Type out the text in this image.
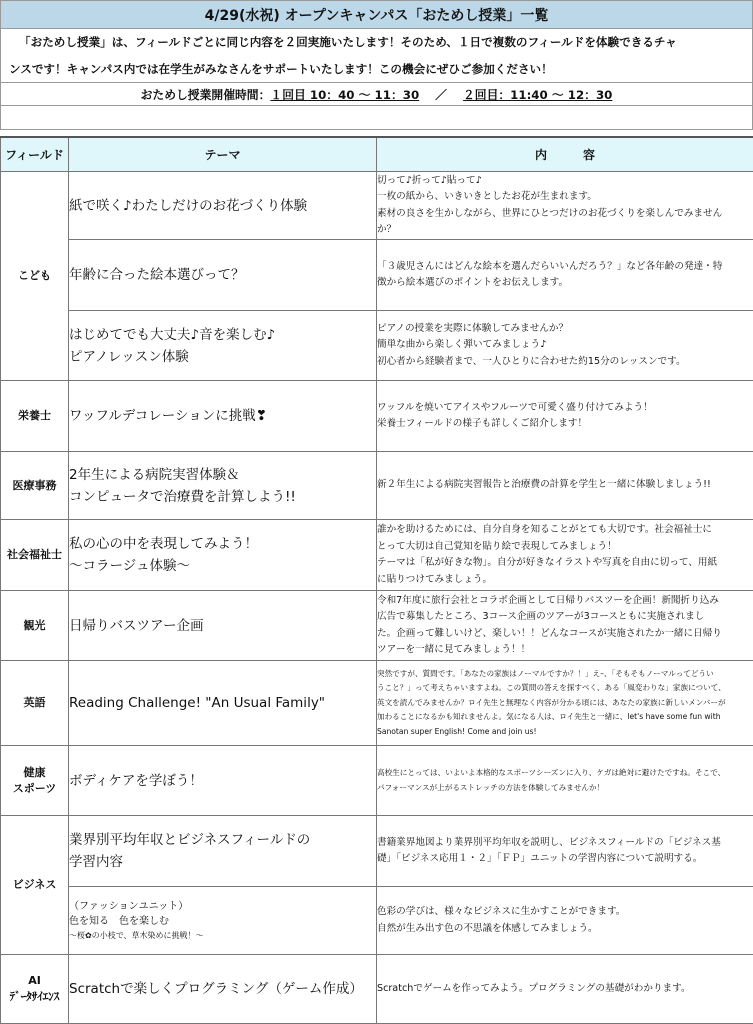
4/29(水祝) オープンキャンパス「おためし授業」一覧
「おためし授業」は、フィールドごとに同じ内容を２回実施いたします！そのため、１日で複数のフィールドを体験できるチャ
ンスです！キャンパス内では在学生がみなさんをサポートいたします！この機会にぜひご参加ください！
おためし授業開催時間： １回目 10：40 ～ 11：30 ／ ２回目：11:40 ～ 12：30
フィールド	テーマ	内　　　容

こども	紙で咲く♪わたしだけのお花づくり体験	切って♪折って♪貼って♪
一枚の紙から、いきいきとしたお花が生まれます。
素材の良さを生かしながら、世界にひとつだけのお花づくりを楽しんでみません
か？

	年齢に合った絵本選びって？	「３歳児さんにはどんな絵本を選んだらいいんだろう？」など各年齢の発達・特
徴から絵本選びのポイントをお伝えします。

	はじめてでも大丈夫♪音を楽しむ♪
ピアノレッスン体験	ピアノの授業を実際に体験してみませんか？
簡単な曲から楽しく弾いてみましょう♪
初心者から経験者まで、一人ひとりに合わせた約15分のレッスンです。

栄養士	ワッフルデコレーションに挑戦❣	ワッフルを焼いてアイスやフルーツで可愛く盛り付けてみよう！
栄養士フィールドの様子も詳しくご紹介します！

医療事務	2年生による病院実習体験＆
コンピュータで治療費を計算しよう!!	新２年生による病院実習報告と治療費の計算を学生と一緒に体験しましょう!!

社会福祉士	私の心の中を表現してみよう！
～コラージュ体験～	誰かを助けるためには、自分自身を知ることがとても大切です。社会福祉士に
とって大切は自己覚知を貼り絵で表現してみましょう！
テーマは「私が好きな物」。自分が好きなイラストや写真を自由に切って、用紙
に貼りつけてみましょう。

観光	日帰りバスツアー企画	令和7年度に旅行会社とコラボ企画として日帰りバスツーを企画！新聞折り込み
広告で募集したところ、3コース企画のツアーが3コースともに実施されまし
た。企画って難しいけど、楽しい！！どんなコースが実施されたか一緒に日帰り
ツアーを一緒に見てみましょう！！

英語	Reading Challenge! "An Usual Family"	突然ですが、質問です。「あなたの家族はノーマルですか？！」え–、「そもそもノーマルってどうい
うこと？」って考えちゃいますよね。この質問の答えを探すべく、ある「風変わりな」家族について、
英文を読んでみませんか？ロイ先生と無理なく内容が分かる頃には、あなたの家族に新しいメンバーが
加わることになるかも知れませんよ。気になる人は、ロイ先生と一緒に、let's have some fun with
Sanotan super English! Come and join us!

健康
スポーツ	ボディケアを学ぼう！	高校生にとっては、いよいよ本格的なスポーツシーズンに入り、ケガは絶対に避けたですね。そこで、
パフォーマンスが上がるストレッチの方法を体験してみませんか！

ビジネス	業界別平均年収とビジネスフィールドの
学習内容	書籍業界地図より業界別平均年収を説明し、ビジネスフィールドの「ビジネス基
礎」「ビジネス応用１・２」「ＦＰ」ユニットの学習内容について説明する。

	（ファッションユニット）
色を知る　色を楽しむ
～桜✿の小枝で、草木染めに挑戦！～	色彩の学びは、様々なビジネスに生かすことができます。
自然が生み出す色の不思議を体感してみましょう。

AI
ﾃﾞｰﾀｻｲｴﾝｽ	Scratchで楽しくプログラミング（ゲーム作成）	Scratchでゲームを作ってみよう。プログラミングの基礎がわかります。
